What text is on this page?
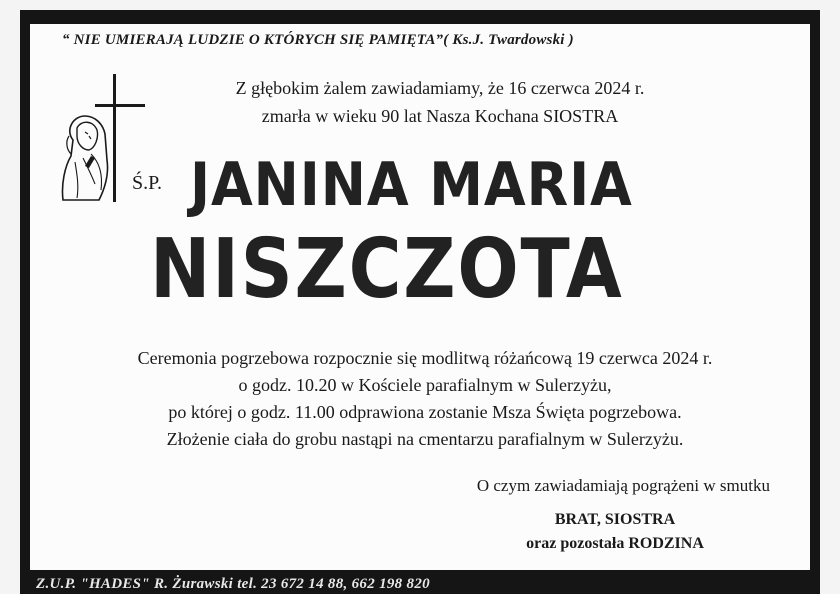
“ NIE UMIERAJĄ LUDZIE O KTÓRYCH SIĘ PAMIĘTA”( Ks.J. Twardowski )
Z głębokim żalem zawiadamiamy, że 16 czerwca 2024 r.
zmarła w wieku 90 lat Nasza Kochana SIOSTRA
Ś.P. JANINA MARIA
NISZCZOTA
Ceremonia pogrzebowa rozpocznie się modlitwą różańcową 19 czerwca 2024 r.
o godz. 10.20 w Kościele parafialnym w Sulerzyżu,
po której o godz. 11.00 odprawiona zostanie Msza Święta pogrzebowa.
Złożenie ciała do grobu nastąpi na cmentarzu parafialnym w Sulerzyżu.
O czym zawiadamiają pogrążeni w smutku
BRAT, SIOSTRA
oraz pozostała RODZINA
Z.U.P. "HADES" R. Żurawski tel. 23 672 14 88, 662 198 820
